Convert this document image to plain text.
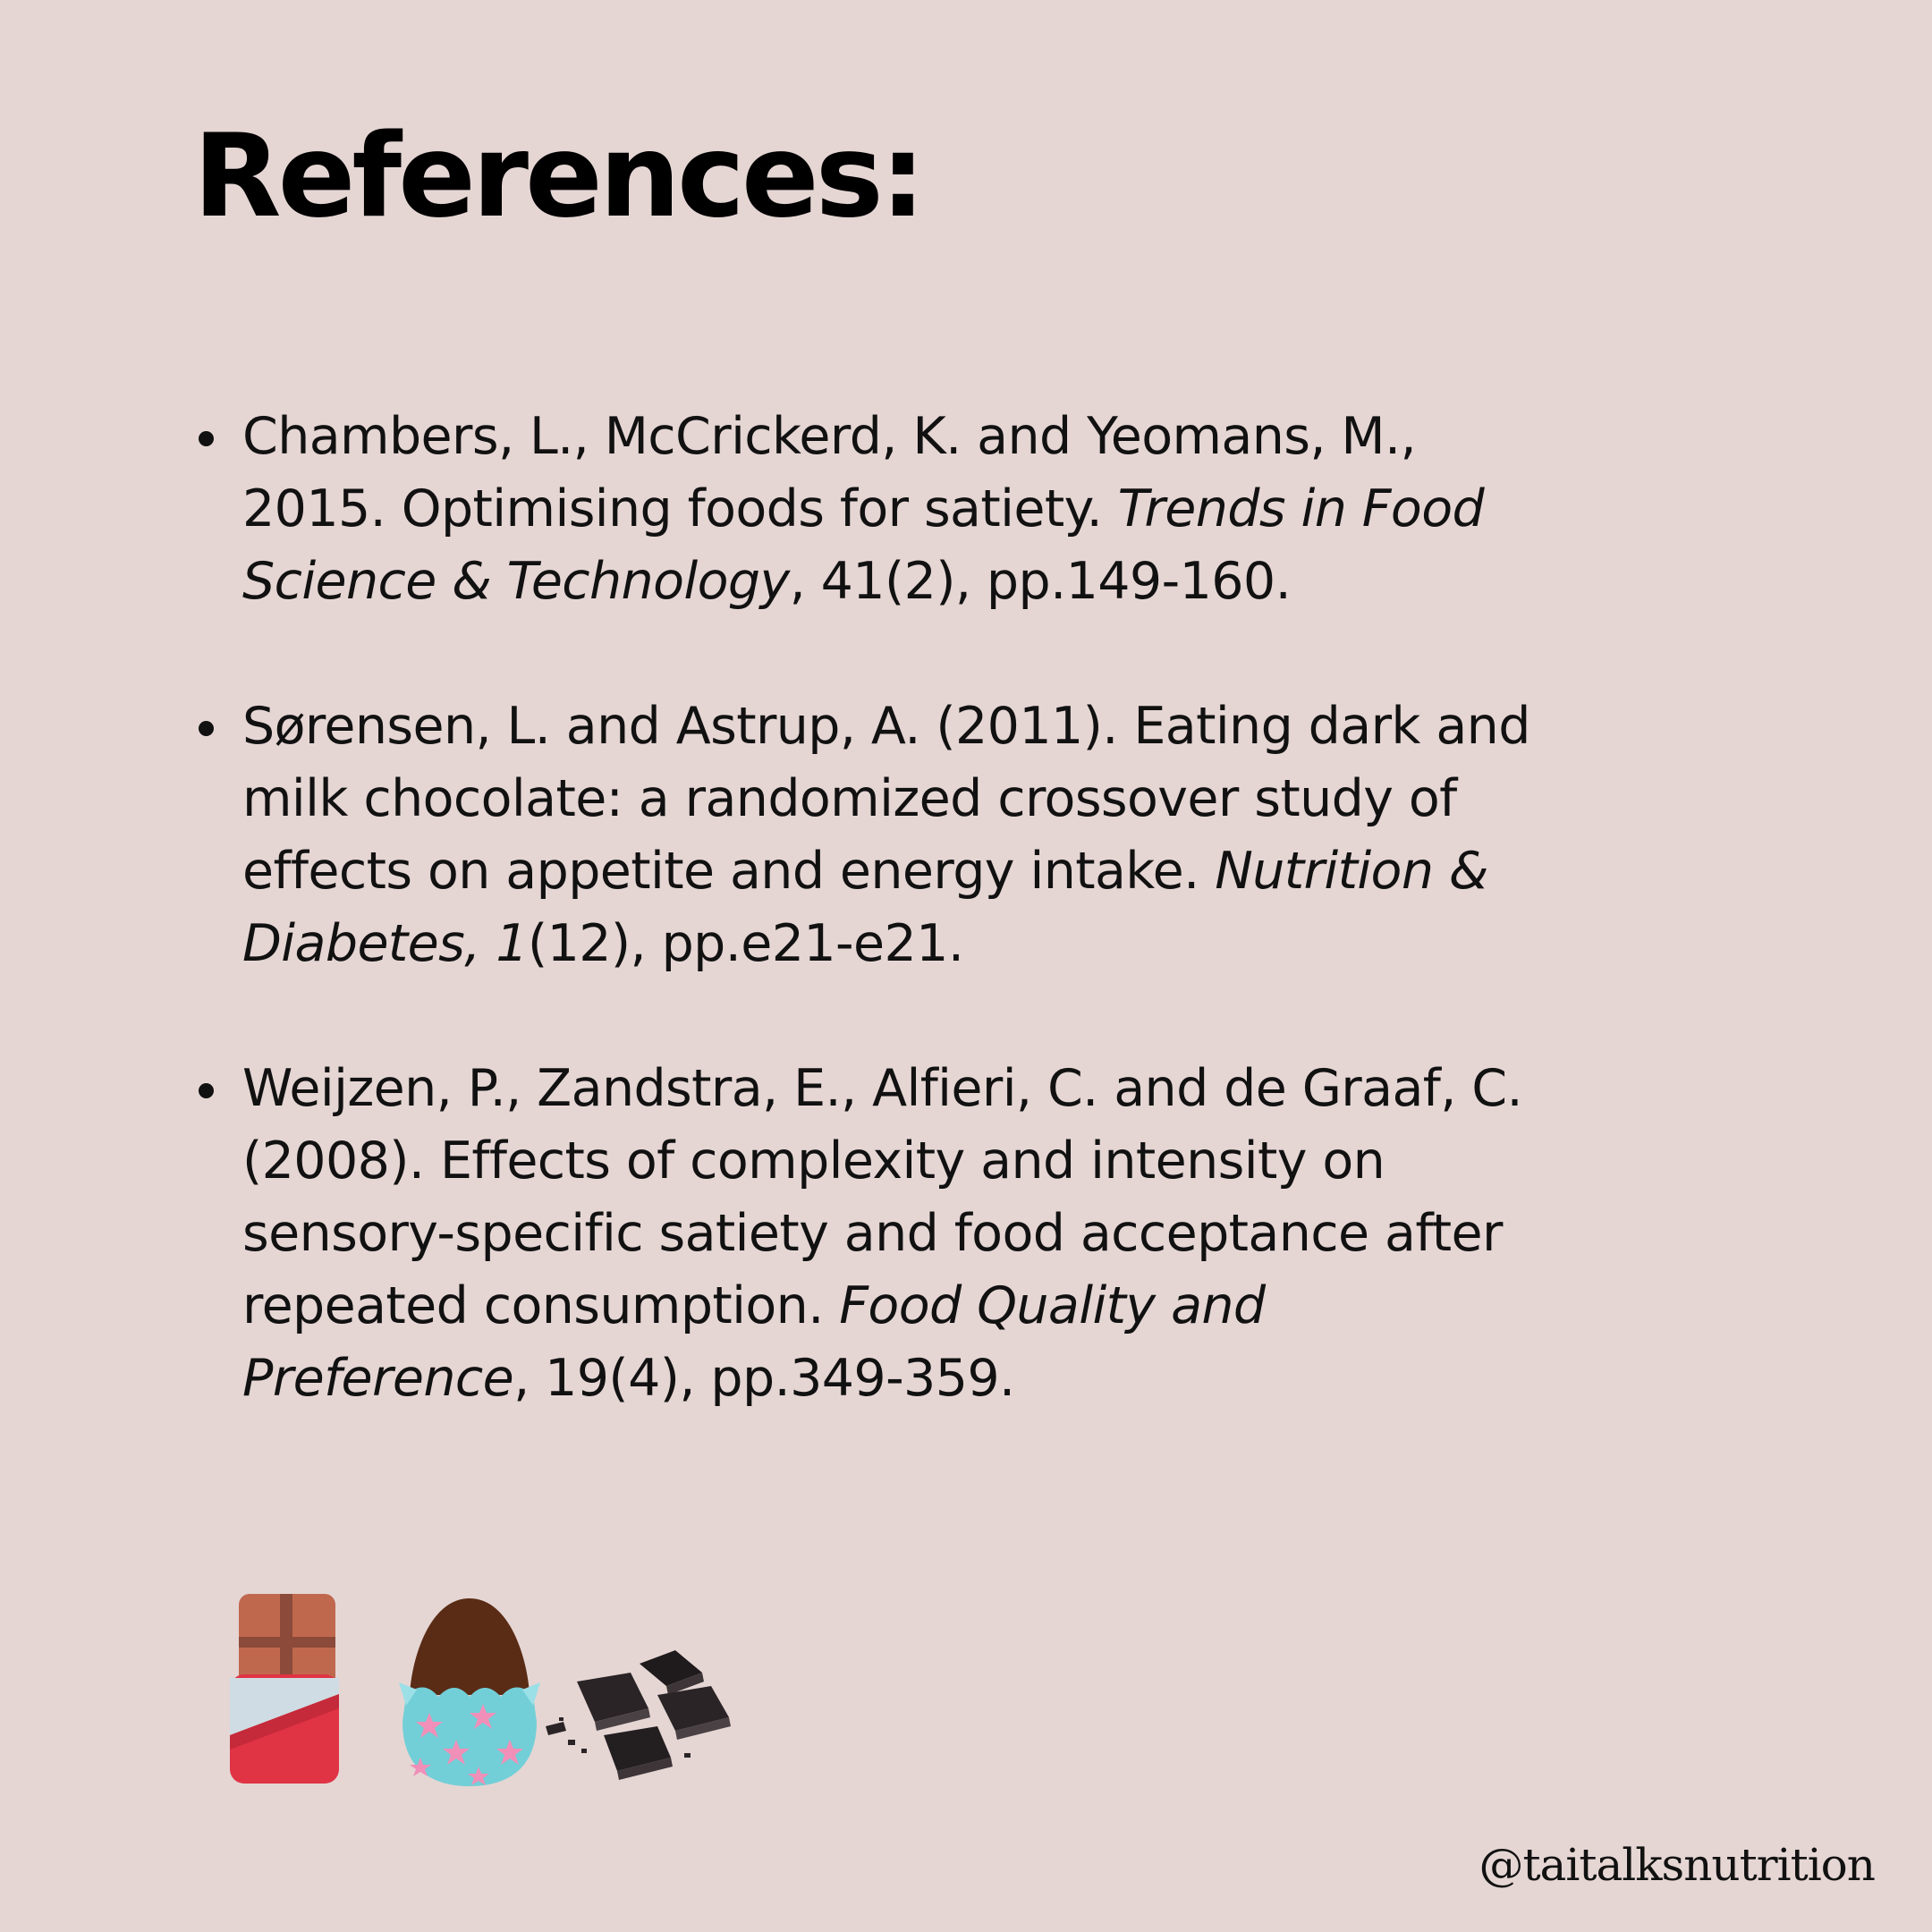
References:
Chambers, L., McCrickerd, K. and Yeomans, M., 2015. Optimising foods for satiety. Trends in Food Science & Technology, 41(2), pp.149-160.
Sørensen, L. and Astrup, A. (2011). Eating dark and milk chocolate: a randomized crossover study of effects on appetite and energy intake. Nutrition & Diabetes, 1(12), pp.e21-e21.
Weijzen, P., Zandstra, E., Alfieri, C. and de Graaf, C. (2008). Effects of complexity and intensity on sensory-specific satiety and food acceptance after repeated consumption. Food Quality and Preference, 19(4), pp.349-359.
@taitalksnutrition
